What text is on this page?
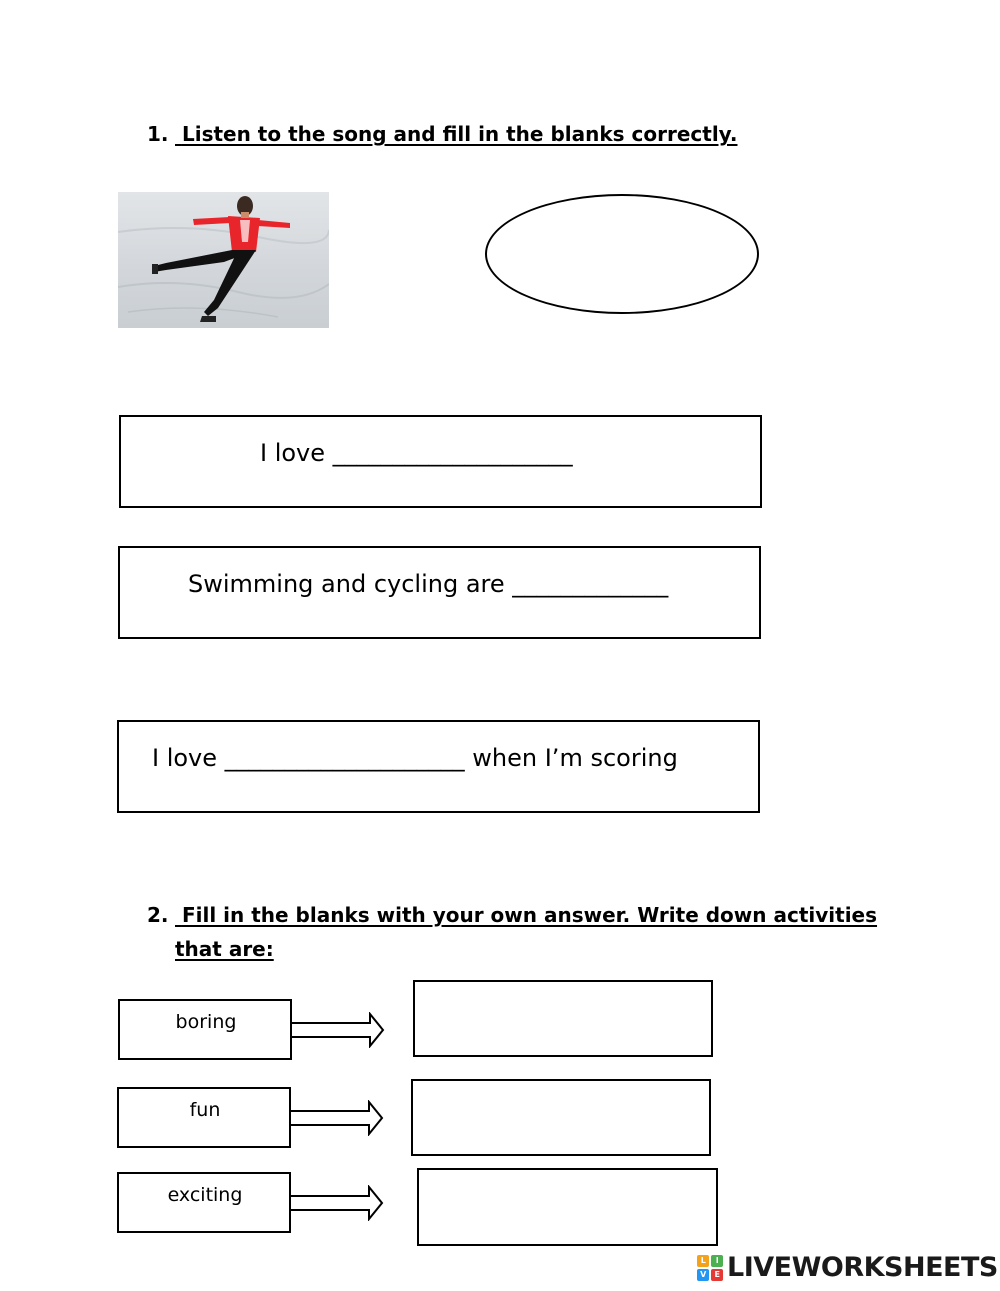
1. Listen to the song and fill in the blanks correctly.
I love ____________________
Swimming and cycling are _____________
I love ____________________ when I’m scoring
2. Fill in the blanks with your own answer. Write down activities
that are:
boring
fun
exciting
L	I
V	E LIVEWORKSHEETS
